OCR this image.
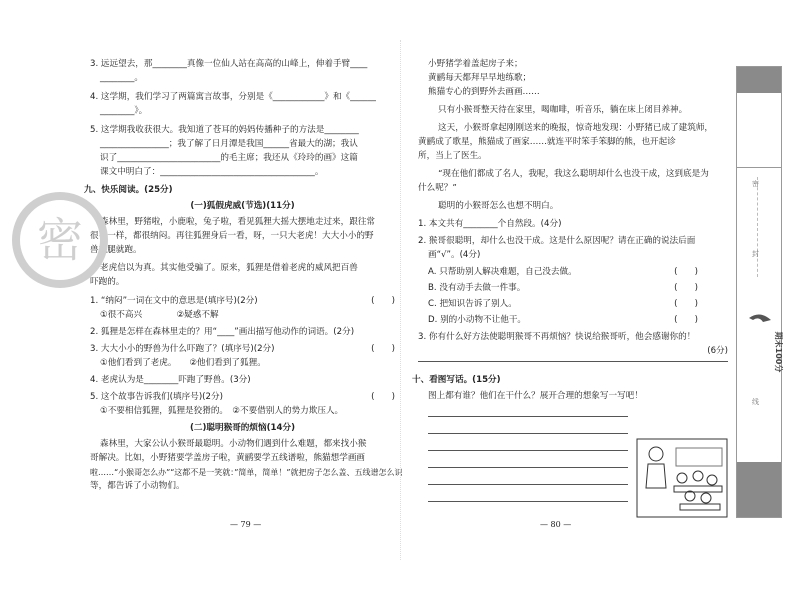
3. 远远望去，那________真像一位仙人站在高高的山峰上，伸着手臂____
________。
4. 这学期，我们学习了两篇寓言故事，分别是《____________》和《______
________》。
5. 这学期我收获很大。我知道了苍耳的妈妈传播种子的方法是________
________________；我了解了日月潭是我国______省最大的湖；我认
识了________________________的毛主席；我还从《玲玲的画》这篇
课文中明白了：____________________________________。
九、快乐阅读。(25分)
(一)狐假虎威(节选)(11分)
森林里，野猪啦，小鹿啦，兔子啦，看见狐狸大摇大摆地走过来，跟往常
很不一样，都很纳闷。再往狐狸身后一看，呀，一只大老虎！大大小小的野
兽撒腿就跑。
老虎信以为真。其实他受骗了。原来，狐狸是借着老虎的威风把百兽
吓跑的。
1. “纳闷”一词在文中的意思是(填序号)(2分)	(　　)
①很不高兴　　　　②疑惑不解
2. 狐狸是怎样在森林里走的？用“____”画出描写他动作的词语。(2分)
3. 大大小小的野兽为什么吓跑了？(填序号)(2分)	(　　)
①他们看到了老虎。　　②他们看到了狐狸。
4. 老虎认为是________吓跑了野兽。(3分)
5. 这个故事告诉我们(填序号)(2分)	(　　)
①不要相信狐狸，狐狸是狡猾的。　②不要借别人的势力欺压人。
(二)聪明猴哥的烦恼(14分)
森林里，大家公认小猴哥最聪明。小动物们遇到什么难题，都来找小猴
哥解决。比如，小野猪要学盖房子啦，黄鹂要学五线谱啦，熊猫想学画画
啦……“小猴哥怎么办”“这都不是一笑就：”简单，简单！”就把房子怎么盖、五线谱怎么识
等，都告诉了小动物们。
— 79 —
密
小野猪学着盖起房子来；
黄鹂每天都拜早早地练歌；
熊猫专心的到野外去画画……
只有小猴哥整天待在家里，喝咖啡，听音乐，躺在床上闭目养神。
这天，小猴哥拿起刚刚送来的晚报，惊奇地发现：小野猪已成了建筑师，
黄鹂成了歌星，熊猫成了画家……就连平时笨手笨脚的熊，也开起诊
所，当上了医生。
“现在他们都成了名人，我呢，我这么聪明却什么也没干成，这到底是为
什么呢？”
聪明的小猴哥怎么也想不明白。
1. 本文共有________个自然段。(4分)
2. 猴哥很聪明，却什么也没干成。这是什么原因呢？请在正确的说法后面
画“√”。(4分)
A. 只帮助别人解决难题，自己没去做。	(　　)
B. 没有动手去做一件事。	(　　)
C. 把知识告诉了别人。	(　　)
D. 别的小动物不让他干。	(　　)
3. 你有什么好方法使聪明猴哥不再烦恼？快说给猴哥听，他会感谢你的！
(6分)
十、看图写话。(15分)
图上都有谁？他们在干什么？展开合理的想象写一写吧！
— 80 —
密
封
线
期末100分
